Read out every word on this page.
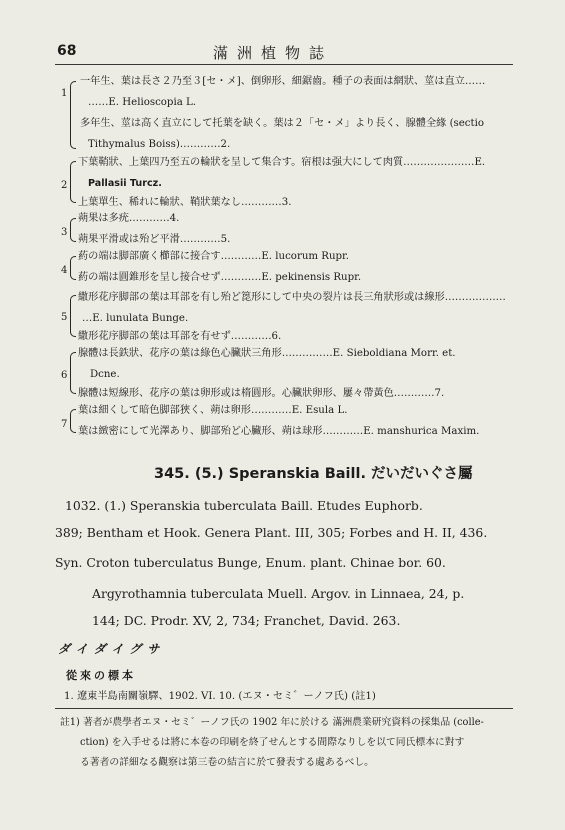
68	滿洲植物誌
1
一年生、葉は長さ２乃至３[セ・メ]、倒卵形、細鋸齒。種子の表面は網狀、莖は直立……
……E. Helioscopia L.
多年生、莖は高く直立にして托葉を缺く。葉は２「セ・メ」より長く、腺體全緣 (sectio
Tithymalus Boiss)…………2.
2
下葉鞘狀、上葉四乃至五の輪狀を呈して集合す。宿根は强大にして肉質…………………E.
Pallasii Turcz.
上葉單生、稀れに輪狀、鞘狀葉なし…………3.
3
蒴果は多疣…………4.
蒴果平滑或は殆ど平滑…………5.
4
葯の端は脚部廣く櫛部に接合す…………E. lucorum Rupr.
葯の端は圓錐形を呈し接合せず…………E. pekinensis Rupr.
5
繖形花序脚部の葉は耳部を有し殆ど箆形にして中央の裂片は長三角狀形或は線形………………
…E. lunulata Bunge.
繖形花序脚部の葉は耳部を有せず…………6.
6
腺體は長鉄狀、花序の葉は綠色心臟狀三角形……………E. Sieboldiana Morr. et.
Dcne.
腺體は短線形、花序の葉は卵形或は楕圓形。心臟狀卵形、屢々帶黃色…………7.
7
葉は細くして暗色脚部狹く、蒴は卵形…………E. Esula L.
葉は緻密にして光澤あり、脚部殆ど心臟形、蒴は球形…………E. manshurica Maxim.
345. (5.) Speranskia Baill. だいだいぐさ屬
1032. (1.) Speranskia tuberculata Baill. Etudes Euphorb.
389; Bentham et Hook. Genera Plant. III, 305; Forbes and H. II, 436.
Syn. Croton tuberculatus Bunge, Enum. plant. Chinae bor. 60.
Argyrothamnia tuberculata Muell. Argov. in Linnaea, 24, p.
144; DC. Prodr. XV, 2, 734; Franchet, David. 263.
ダイダイグサ
從來の標本
1. 遼東半島南關嶺驛、1902. VI. 10. (エヌ・セミ゛ーノフ氏) (註1)
註1) 著者が農學者エヌ・セミ゛ーノフ氏の 1902 年に於ける 滿洲農業研究資料の採集品 (colle-
ction) を入手せるは將に本卷の印刷を終了せんとする間際なりしを以て同氏標本に對す
る著者の詳細なる觀察は第三卷の結言に於て發表する處あるべし。
